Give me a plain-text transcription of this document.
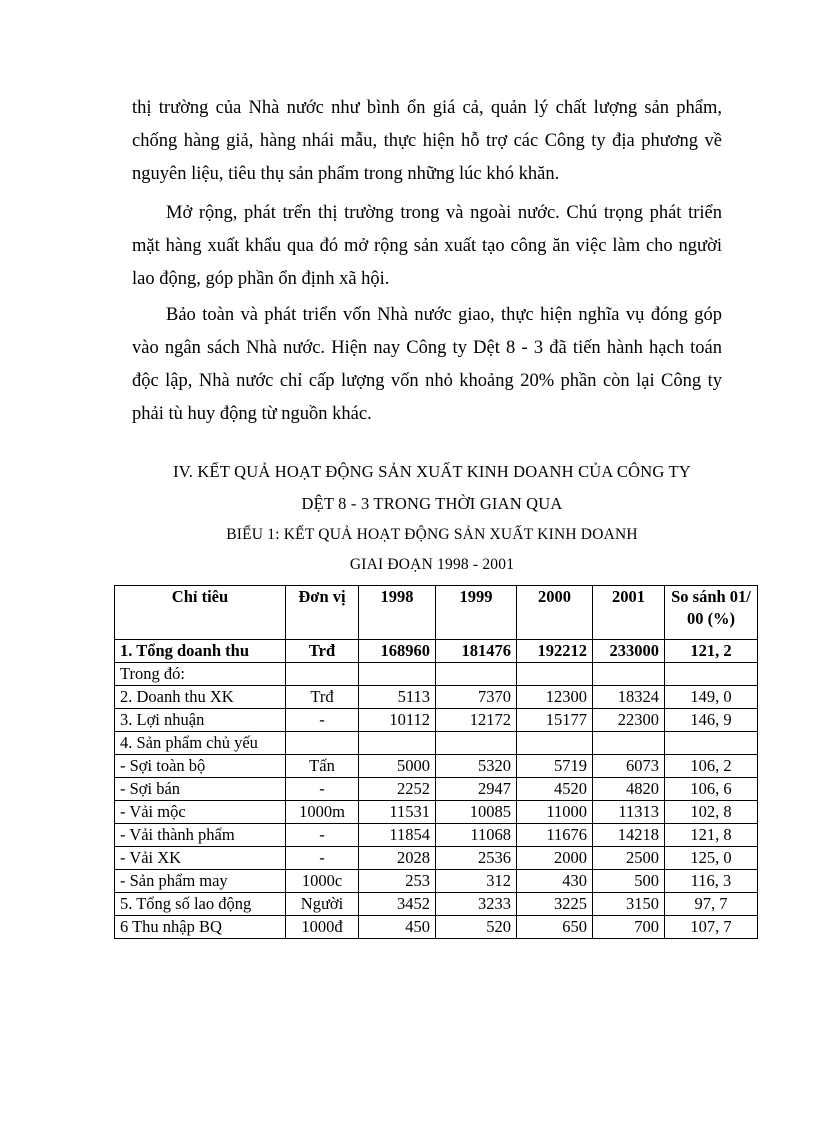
thị trường của Nhà nước như bình ổn giá cả, quản lý chất lượng sản phẩm, chống hàng giả, hàng nhái mẫu, thực hiện hỗ trợ các Công ty địa phương về nguyên liệu, tiêu thụ sản phẩm trong những lúc khó khăn.

Mở rộng, phát trển thị trường trong và ngoài nước. Chú trọng phát triển mặt hàng xuất khẩu qua đó mở rộng sản xuất tạo công ăn việc làm cho người lao động, góp phần ổn định xã hội.

Bảo toàn và phát triển vốn Nhà nước giao, thực hiện nghĩa vụ đóng góp vào ngân sách Nhà nước. Hiện nay Công ty Dệt 8 - 3 đã tiến hành hạch toán độc lập, Nhà nước chỉ cấp lượng vốn nhỏ khoảng 20% phần còn lại Công ty phải tù huy động từ nguồn khác.

IV. KẾT QUẢ HOẠT ĐỘNG SẢN XUẤT KINH DOANH CỦA CÔNG TY

DỆT 8 - 3 TRONG THỜI GIAN QUA

BIỂU 1: KẾT QUẢ HOẠT ĐỘNG SẢN XUẤT KINH DOANH

GIAI ĐOẠN 1998 - 2001

Chỉ tiêu	Đơn vị	1998	1999	2000	2001	So sánh 01/ 00 (%)
1. Tổng doanh thu	Trđ	168960	181476	192212	233000	121, 2
Trong đó:						
2. Doanh thu XK	Trđ	5113	7370	12300	18324	149, 0
3. Lợi nhuận	-	10112	12172	15177	22300	146, 9
4. Sản phẩm chủ yếu						
- Sợi toàn bộ	Tấn	5000	5320	5719	6073	106, 2
- Sợi bán	-	2252	2947	4520	4820	106, 6
- Vải mộc	1000m	11531	10085	11000	11313	102, 8
- Vải thành phẩm	-	11854	11068	11676	14218	121, 8
- Vải XK	-	2028	2536	2000	2500	125, 0
- Sản phẩm may	1000c	253	312	430	500	116, 3
5. Tổng số lao động	Người	3452	3233	3225	3150	97, 7
6 Thu nhập BQ	1000đ	450	520	650	700	107, 7
